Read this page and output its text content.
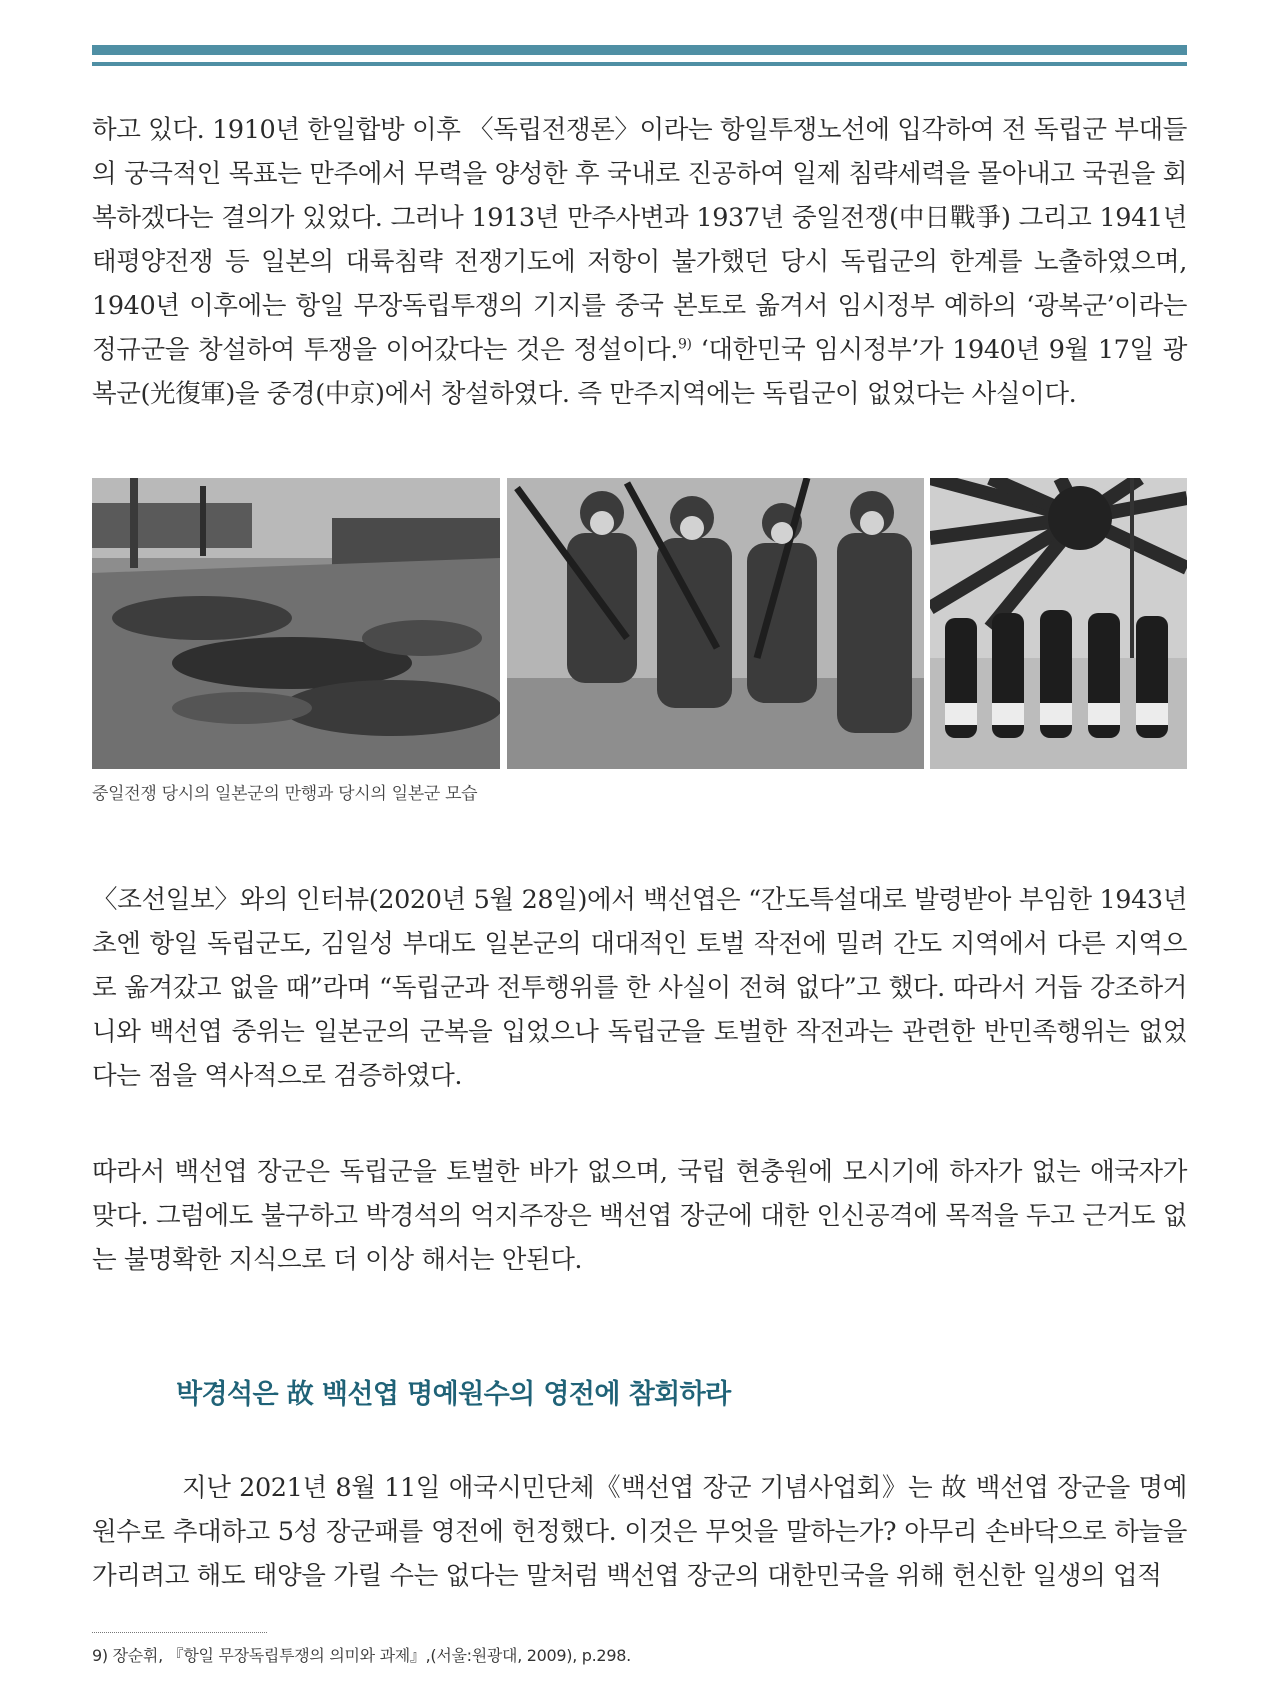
하고 있다. 1910년 한일합방 이후 〈독립전쟁론〉이라는 항일투쟁노선에 입각하여 전 독립군 부대들의 궁극적인 목표는 만주에서 무력을 양성한 후 국내로 진공하여 일제 침략세력을 몰아내고 국권을 회복하겠다는 결의가 있었다. 그러나 1913년 만주사변과 1937년 중일전쟁(中日戰爭) 그리고 1941년 태평양전쟁 등 일본의 대륙침략 전쟁기도에 저항이 불가했던 당시 독립군의 한계를 노출하였으며, 1940년 이후에는 항일 무장독립투쟁의 기지를 중국 본토로 옮겨서 임시정부 예하의 ‘광복군’이라는 정규군을 창설하여 투쟁을 이어갔다는 것은 정설이다.$^{9)}$ ‘대한민국 임시정부’가 1940년 9월 17일 광복군(光復軍)을 중경(中京)에서 창설하였다. 즉 만주지역에는 독립군이 없었다는 사실이다.

중일전쟁 당시의 일본군의 만행과 당시의 일본군 모습

〈조선일보〉와의 인터뷰(2020년 5월 28일)에서 백선엽은 “간도특설대로 발령받아 부임한 1943년 초엔 항일 독립군도, 김일성 부대도 일본군의 대대적인 토벌 작전에 밀려 간도 지역에서 다른 지역으로 옮겨갔고 없을 때”라며 “독립군과 전투행위를 한 사실이 전혀 없다”고 했다. 따라서 거듭 강조하거니와 백선엽 중위는 일본군의 군복을 입었으나 독립군을 토벌한 작전과는 관련한 반민족행위는 없었다는 점을 역사적으로 검증하였다.

따라서 백선엽 장군은 독립군을 토벌한 바가 없으며, 국립 현충원에 모시기에 하자가 없는 애국자가 맞다. 그럼에도 불구하고 박경석의 억지주장은 백선엽 장군에 대한 인신공격에 목적을 두고 근거도 없는 불명확한 지식으로 더 이상 해서는 안된다.

박경석은 故 백선엽 명예원수의 영전에 참회하라

지난 2021년 8월 11일 애국시민단체《백선엽 장군 기념사업회》는 故 백선엽 장군을 명예원수로 추대하고 5성 장군패를 영전에 헌정했다. 이것은 무엇을 말하는가? 아무리 손바닥으로 하늘을 가리려고 해도 태양을 가릴 수는 없다는 말처럼 백선엽 장군의 대한민국을 위해 헌신한 일생의 업적

9) 장순휘, 『항일 무장독립투쟁의 의미와 과제』,(서울:원광대, 2009), p.298.
